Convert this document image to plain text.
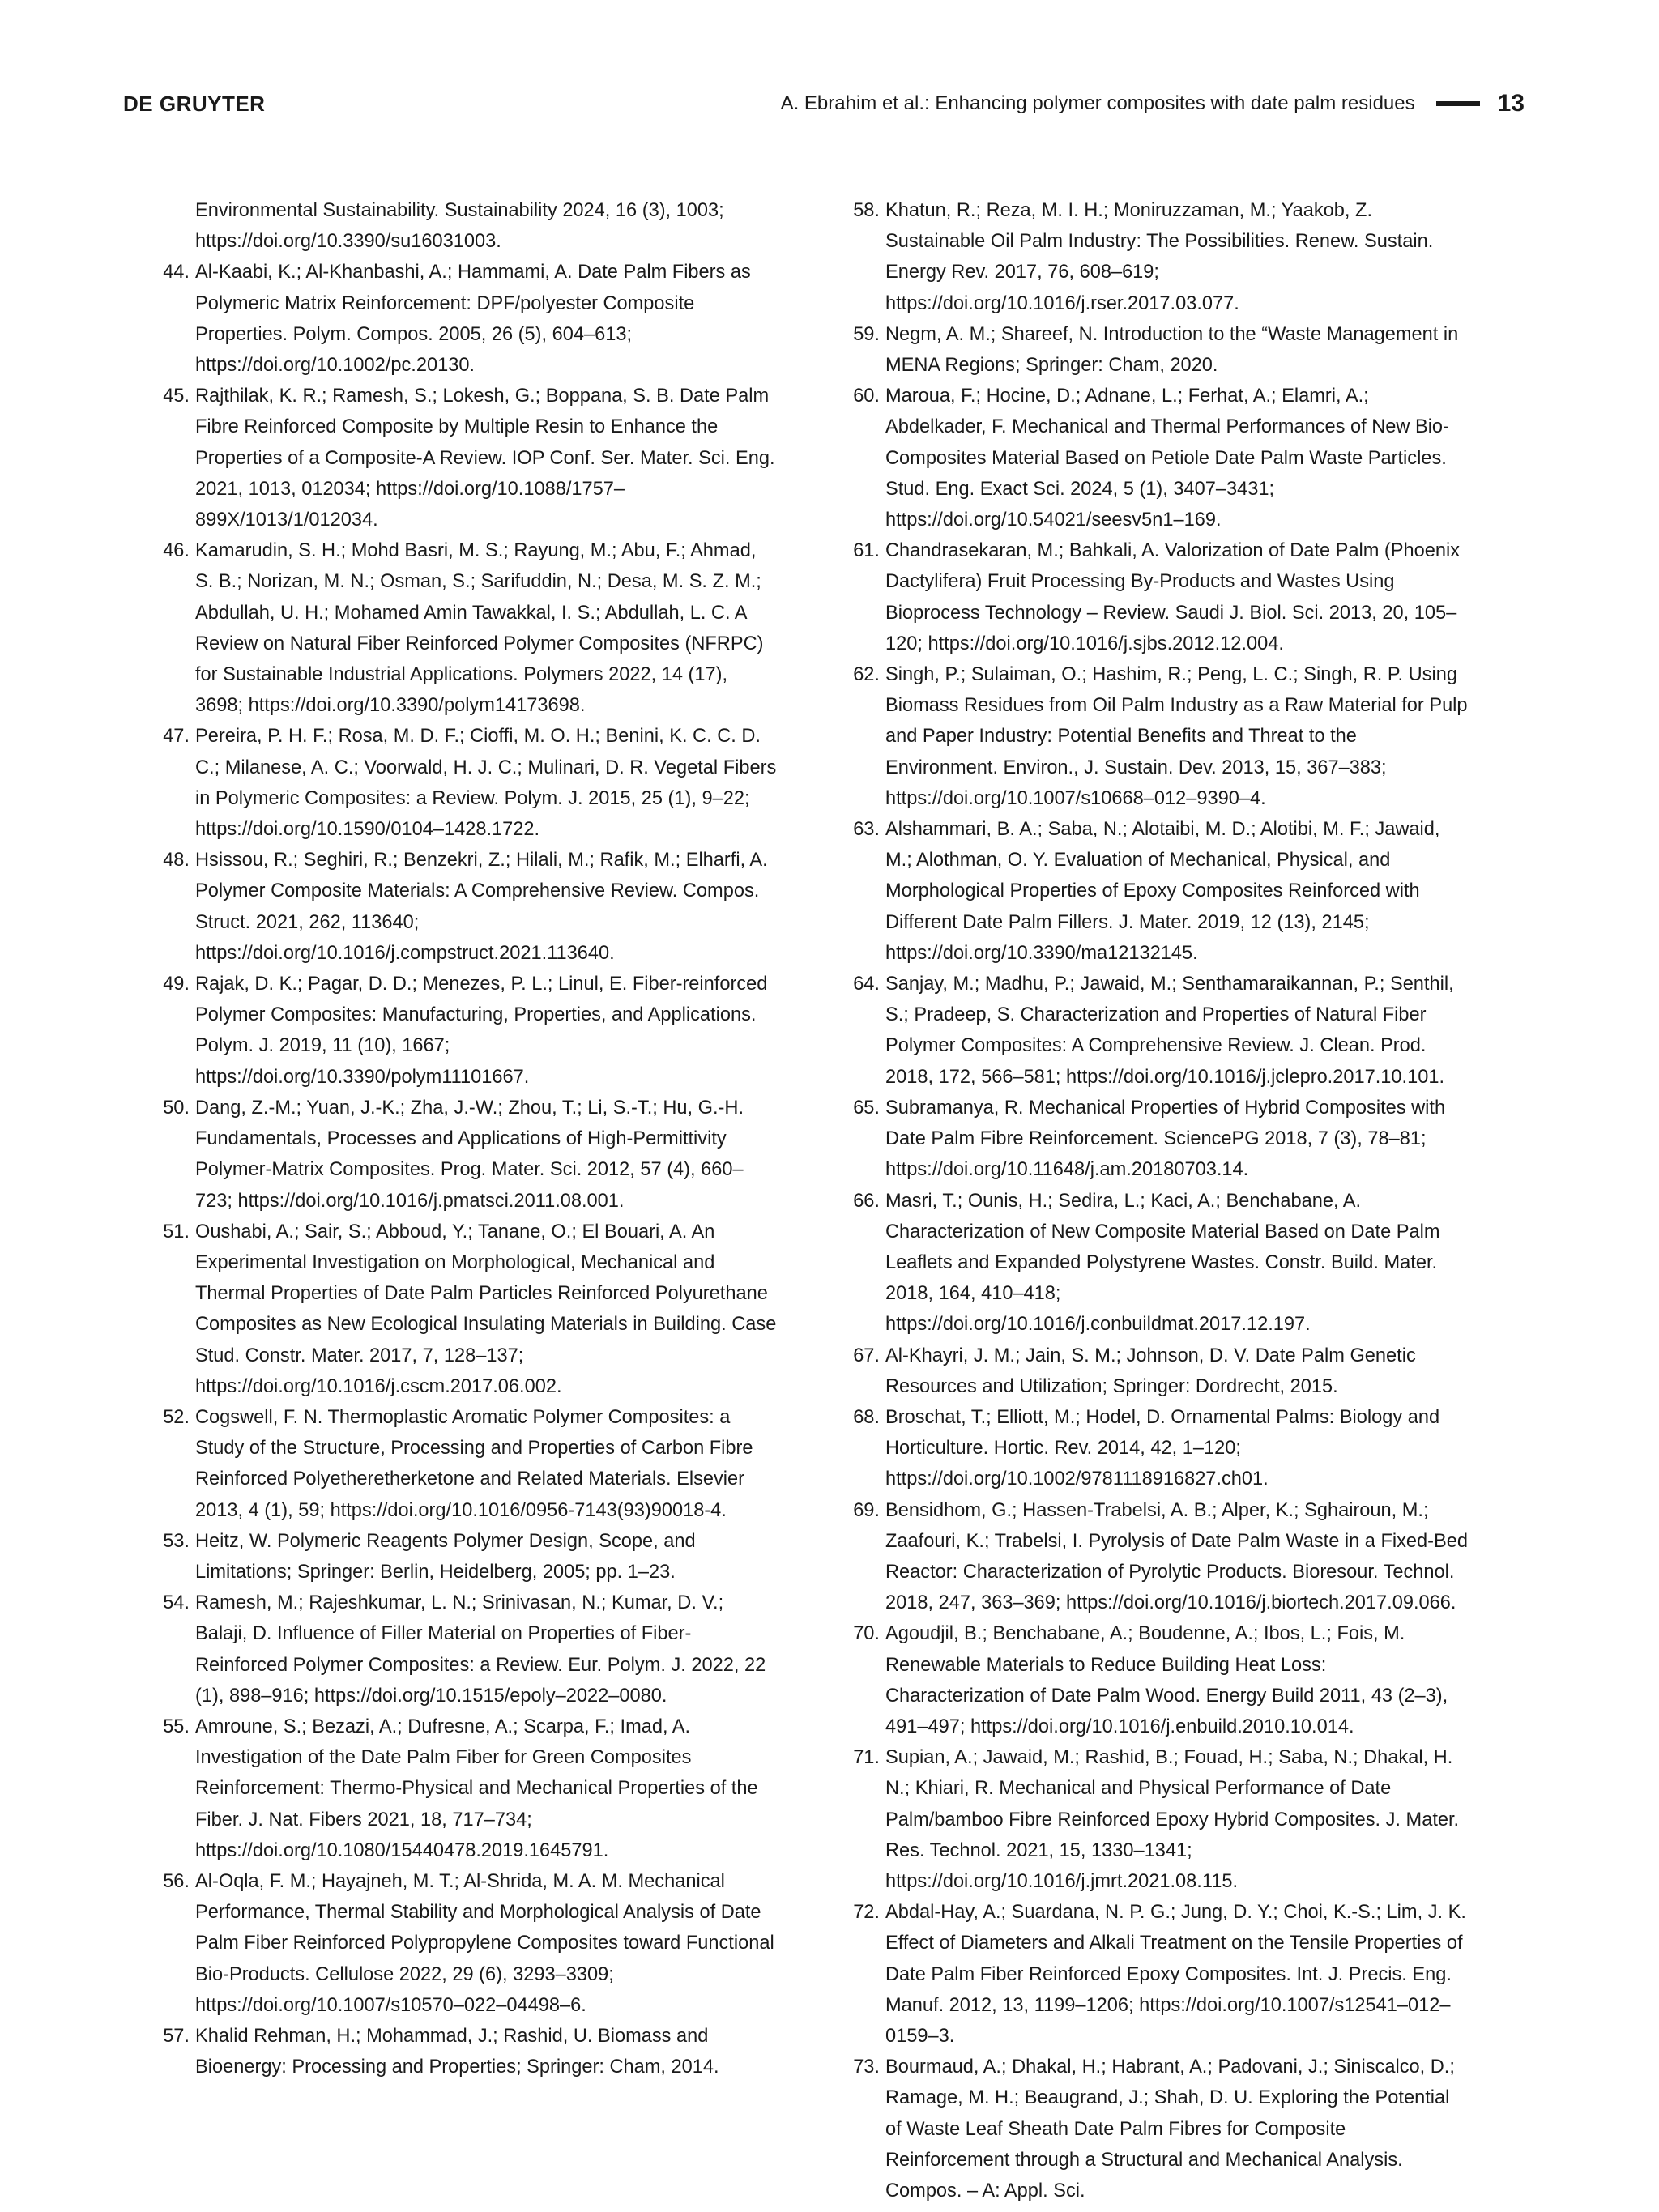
DE GRUYTER	A. Ebrahim et al.: Enhancing polymer composites with date palm residues	13
Environmental Sustainability. Sustainability 2024, 16 (3), 1003; https://doi.org/10.3390/su16031003.
44. Al-Kaabi, K.; Al-Khanbashi, A.; Hammami, A. Date Palm Fibers as Polymeric Matrix Reinforcement: DPF/polyester Composite Properties. Polym. Compos. 2005, 26 (5), 604–613; https://doi.org/10.1002/pc.20130.
45. Rajthilak, K. R.; Ramesh, S.; Lokesh, G.; Boppana, S. B. Date Palm Fibre Reinforced Composite by Multiple Resin to Enhance the Properties of a Composite-A Review. IOP Conf. Ser. Mater. Sci. Eng. 2021, 1013, 012034; https://doi.org/10.1088/1757–899X/1013/1/012034.
46. Kamarudin, S. H.; Mohd Basri, M. S.; Rayung, M.; Abu, F.; Ahmad, S. B.; Norizan, M. N.; Osman, S.; Sarifuddin, N.; Desa, M. S. Z. M.; Abdullah, U. H.; Mohamed Amin Tawakkal, I. S.; Abdullah, L. C. A Review on Natural Fiber Reinforced Polymer Composites (NFRPC) for Sustainable Industrial Applications. Polymers 2022, 14 (17), 3698; https://doi.org/10.3390/polym14173698.
47. Pereira, P. H. F.; Rosa, M. D. F.; Cioffi, M. O. H.; Benini, K. C. C. D. C.; Milanese, A. C.; Voorwald, H. J. C.; Mulinari, D. R. Vegetal Fibers in Polymeric Composites: a Review. Polym. J. 2015, 25 (1), 9–22; https://doi.org/10.1590/0104–1428.1722.
48. Hsissou, R.; Seghiri, R.; Benzekri, Z.; Hilali, M.; Rafik, M.; Elharfi, A. Polymer Composite Materials: A Comprehensive Review. Compos. Struct. 2021, 262, 113640; https://doi.org/10.1016/j.compstruct.2021.113640.
49. Rajak, D. K.; Pagar, D. D.; Menezes, P. L.; Linul, E. Fiber-reinforced Polymer Composites: Manufacturing, Properties, and Applications. Polym. J. 2019, 11 (10), 1667; https://doi.org/10.3390/polym11101667.
50. Dang, Z.-M.; Yuan, J.-K.; Zha, J.-W.; Zhou, T.; Li, S.-T.; Hu, G.-H. Fundamentals, Processes and Applications of High-Permittivity Polymer-Matrix Composites. Prog. Mater. Sci. 2012, 57 (4), 660–723; https://doi.org/10.1016/j.pmatsci.2011.08.001.
51. Oushabi, A.; Sair, S.; Abboud, Y.; Tanane, O.; El Bouari, A. An Experimental Investigation on Morphological, Mechanical and Thermal Properties of Date Palm Particles Reinforced Polyurethane Composites as New Ecological Insulating Materials in Building. Case Stud. Constr. Mater. 2017, 7, 128–137; https://doi.org/10.1016/j.cscm.2017.06.002.
52. Cogswell, F. N. Thermoplastic Aromatic Polymer Composites: a Study of the Structure, Processing and Properties of Carbon Fibre Reinforced Polyetheretherketone and Related Materials. Elsevier 2013, 4 (1), 59; https://doi.org/10.1016/0956-7143(93)90018-4.
53. Heitz, W. Polymeric Reagents Polymer Design, Scope, and Limitations; Springer: Berlin, Heidelberg, 2005; pp. 1–23.
54. Ramesh, M.; Rajeshkumar, L. N.; Srinivasan, N.; Kumar, D. V.; Balaji, D. Influence of Filler Material on Properties of Fiber-Reinforced Polymer Composites: a Review. Eur. Polym. J. 2022, 22 (1), 898–916; https://doi.org/10.1515/epoly–2022–0080.
55. Amroune, S.; Bezazi, A.; Dufresne, A.; Scarpa, F.; Imad, A. Investigation of the Date Palm Fiber for Green Composites Reinforcement: Thermo-Physical and Mechanical Properties of the Fiber. J. Nat. Fibers 2021, 18, 717–734; https://doi.org/10.1080/15440478.2019.1645791.
56. Al-Oqla, F. M.; Hayajneh, M. T.; Al-Shrida, M. A. M. Mechanical Performance, Thermal Stability and Morphological Analysis of Date Palm Fiber Reinforced Polypropylene Composites toward Functional Bio-Products. Cellulose 2022, 29 (6), 3293–3309; https://doi.org/10.1007/s10570–022–04498–6.
57. Khalid Rehman, H.; Mohammad, J.; Rashid, U. Biomass and Bioenergy: Processing and Properties; Springer: Cham, 2014.
58. Khatun, R.; Reza, M. I. H.; Moniruzzaman, M.; Yaakob, Z. Sustainable Oil Palm Industry: The Possibilities. Renew. Sustain. Energy Rev. 2017, 76, 608–619; https://doi.org/10.1016/j.rser.2017.03.077.
59. Negm, A. M.; Shareef, N. Introduction to the “Waste Management in MENA Regions; Springer: Cham, 2020.
60. Maroua, F.; Hocine, D.; Adnane, L.; Ferhat, A.; Elamri, A.; Abdelkader, F. Mechanical and Thermal Performances of New Bio-Composites Material Based on Petiole Date Palm Waste Particles. Stud. Eng. Exact Sci. 2024, 5 (1), 3407–3431; https://doi.org/10.54021/seesv5n1–169.
61. Chandrasekaran, M.; Bahkali, A. Valorization of Date Palm (Phoenix Dactylifera) Fruit Processing By-Products and Wastes Using Bioprocess Technology – Review. Saudi J. Biol. Sci. 2013, 20, 105–120; https://doi.org/10.1016/j.sjbs.2012.12.004.
62. Singh, P.; Sulaiman, O.; Hashim, R.; Peng, L. C.; Singh, R. P. Using Biomass Residues from Oil Palm Industry as a Raw Material for Pulp and Paper Industry: Potential Benefits and Threat to the Environment. Environ., J. Sustain. Dev. 2013, 15, 367–383; https://doi.org/10.1007/s10668–012–9390–4.
63. Alshammari, B. A.; Saba, N.; Alotaibi, M. D.; Alotibi, M. F.; Jawaid, M.; Alothman, O. Y. Evaluation of Mechanical, Physical, and Morphological Properties of Epoxy Composites Reinforced with Different Date Palm Fillers. J. Mater. 2019, 12 (13), 2145; https://doi.org/10.3390/ma12132145.
64. Sanjay, M.; Madhu, P.; Jawaid, M.; Senthamaraikannan, P.; Senthil, S.; Pradeep, S. Characterization and Properties of Natural Fiber Polymer Composites: A Comprehensive Review. J. Clean. Prod. 2018, 172, 566–581; https://doi.org/10.1016/j.jclepro.2017.10.101.
65. Subramanya, R. Mechanical Properties of Hybrid Composites with Date Palm Fibre Reinforcement. SciencePG 2018, 7 (3), 78–81; https://doi.org/10.11648/j.am.20180703.14.
66. Masri, T.; Ounis, H.; Sedira, L.; Kaci, A.; Benchabane, A. Characterization of New Composite Material Based on Date Palm Leaflets and Expanded Polystyrene Wastes. Constr. Build. Mater. 2018, 164, 410–418; https://doi.org/10.1016/j.conbuildmat.2017.12.197.
67. Al-Khayri, J. M.; Jain, S. M.; Johnson, D. V. Date Palm Genetic Resources and Utilization; Springer: Dordrecht, 2015.
68. Broschat, T.; Elliott, M.; Hodel, D. Ornamental Palms: Biology and Horticulture. Hortic. Rev. 2014, 42, 1–120; https://doi.org/10.1002/9781118916827.ch01.
69. Bensidhom, G.; Hassen-Trabelsi, A. B.; Alper, K.; Sghairoun, M.; Zaafouri, K.; Trabelsi, I. Pyrolysis of Date Palm Waste in a Fixed-Bed Reactor: Characterization of Pyrolytic Products. Bioresour. Technol. 2018, 247, 363–369; https://doi.org/10.1016/j.biortech.2017.09.066.
70. Agoudjil, B.; Benchabane, A.; Boudenne, A.; Ibos, L.; Fois, M. Renewable Materials to Reduce Building Heat Loss: Characterization of Date Palm Wood. Energy Build 2011, 43 (2–3), 491–497; https://doi.org/10.1016/j.enbuild.2010.10.014.
71. Supian, A.; Jawaid, M.; Rashid, B.; Fouad, H.; Saba, N.; Dhakal, H. N.; Khiari, R. Mechanical and Physical Performance of Date Palm/bamboo Fibre Reinforced Epoxy Hybrid Composites. J. Mater. Res. Technol. 2021, 15, 1330–1341; https://doi.org/10.1016/j.jmrt.2021.08.115.
72. Abdal-Hay, A.; Suardana, N. P. G.; Jung, D. Y.; Choi, K.-S.; Lim, J. K. Effect of Diameters and Alkali Treatment on the Tensile Properties of Date Palm Fiber Reinforced Epoxy Composites. Int. J. Precis. Eng. Manuf. 2012, 13, 1199–1206; https://doi.org/10.1007/s12541–012–0159–3.
73. Bourmaud, A.; Dhakal, H.; Habrant, A.; Padovani, J.; Siniscalco, D.; Ramage, M. H.; Beaugrand, J.; Shah, D. U. Exploring the Potential of Waste Leaf Sheath Date Palm Fibres for Composite Reinforcement through a Structural and Mechanical Analysis. Compos. – A: Appl. Sci.
